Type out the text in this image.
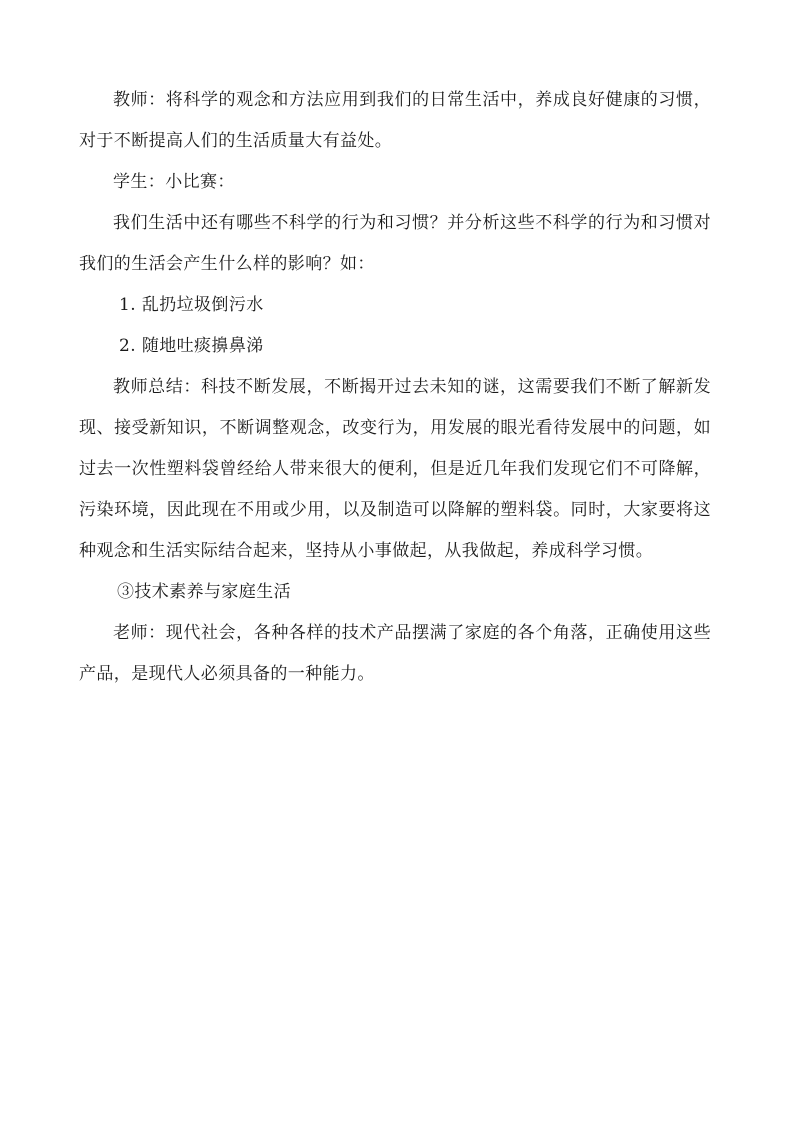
教师：将科学的观念和方法应用到我们的日常生活中，养成良好健康的习惯，对于不断提高人们的生活质量大有益处。

学生：小比赛：

我们生活中还有哪些不科学的行为和习惯？并分析这些不科学的行为和习惯对我们的生活会产生什么样的影响？如：

1. 乱扔垃圾倒污水

2. 随地吐痰擤鼻涕

教师总结：科技不断发展，不断揭开过去未知的谜，这需要我们不断了解新发现、接受新知识，不断调整观念，改变行为，用发展的眼光看待发展中的问题，如过去一次性塑料袋曾经给人带来很大的便利，但是近几年我们发现它们不可降解，污染环境，因此现在不用或少用，以及制造可以降解的塑料袋。同时，大家要将这种观念和生活实际结合起来，坚持从小事做起，从我做起，养成科学习惯。

③技术素养与家庭生活

老师：现代社会，各种各样的技术产品摆满了家庭的各个角落，正确使用这些产品，是现代人必须具备的一种能力。
